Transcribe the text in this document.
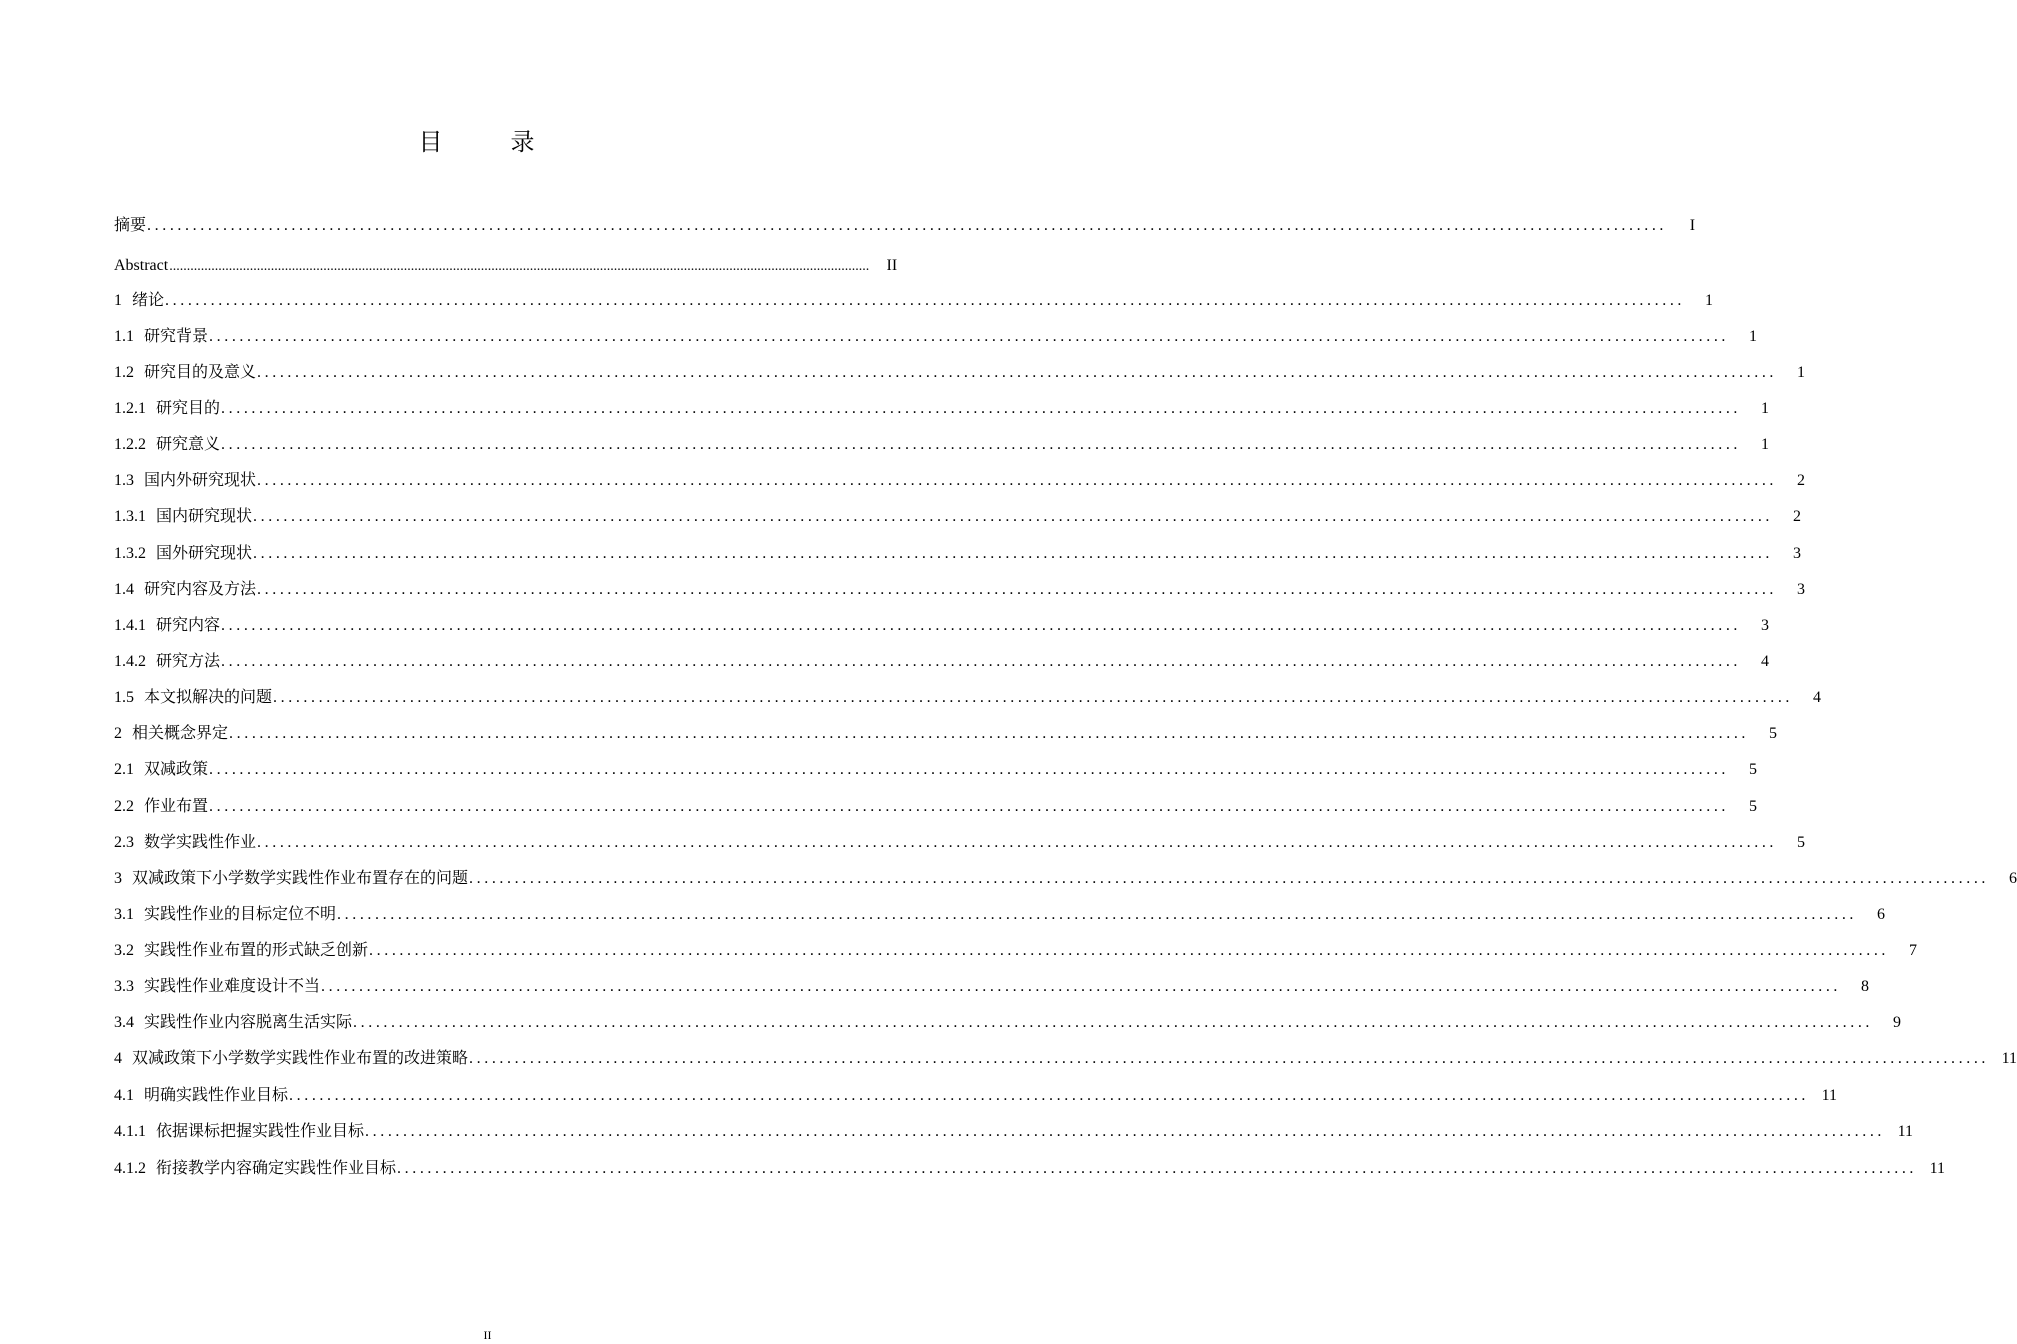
目　录
摘要 ........................................................................................................................................................................................................	I
Abstract ........................................................................................................................................................................................................	II
1 绪论 ........................................................................................................................................................................................................	1
1.1 研究背景 ........................................................................................................................................................................................................	1
1.2 研究目的及意义 ........................................................................................................................................................................................................	1
1.2.1 研究目的 ........................................................................................................................................................................................................	1
1.2.2 研究意义 ........................................................................................................................................................................................................	1
1.3 国内外研究现状 ........................................................................................................................................................................................................	2
1.3.1 国内研究现状 ........................................................................................................................................................................................................	2
1.3.2 国外研究现状 ........................................................................................................................................................................................................	3
1.4 研究内容及方法 ........................................................................................................................................................................................................	3
1.4.1 研究内容 ........................................................................................................................................................................................................	3
1.4.2 研究方法 ........................................................................................................................................................................................................	4
1.5 本文拟解决的问题 ........................................................................................................................................................................................................	4
2 相关概念界定 ........................................................................................................................................................................................................	5
2.1 双减政策 ........................................................................................................................................................................................................	5
2.2 作业布置 ........................................................................................................................................................................................................	5
2.3 数学实践性作业 ........................................................................................................................................................................................................	5
3 双减政策下小学数学实践性作业布置存在的问题 ........................................................................................................................................................................................................	6
3.1 实践性作业的目标定位不明 ........................................................................................................................................................................................................	6
3.2 实践性作业布置的形式缺乏创新 ........................................................................................................................................................................................................	7
3.3 实践性作业难度设计不当 ........................................................................................................................................................................................................	8
3.4 实践性作业内容脱离生活实际 ........................................................................................................................................................................................................	9
4 双减政策下小学数学实践性作业布置的改进策略 ........................................................................................................................................................................................................ 11
4.1 明确实践性作业目标 ........................................................................................................................................................................................................ 11
4.1.1 依据课标把握实践性作业目标 ........................................................................................................................................................................................................ 11
4.1.2 衔接教学内容确定实践性作业目标 ........................................................................................................................................................................................................ 11
II
